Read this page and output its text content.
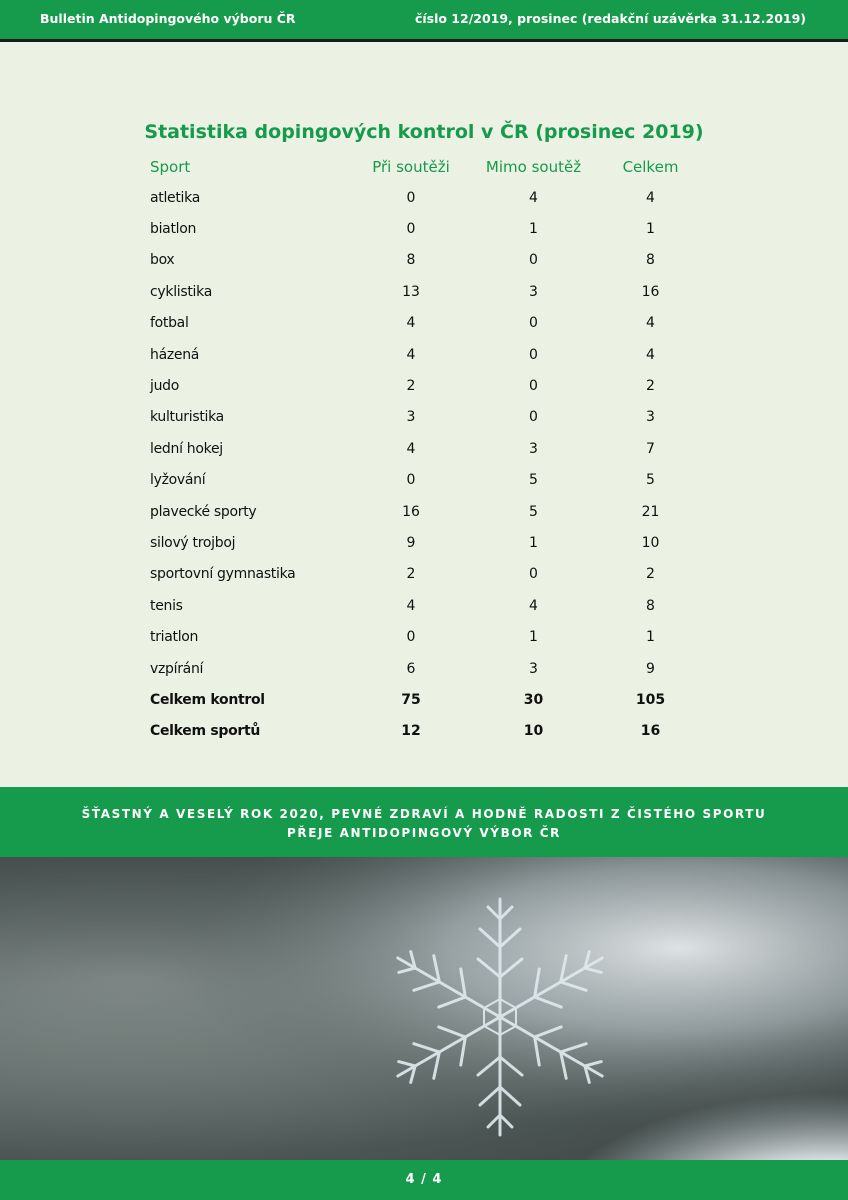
Bulletin Antidopingového výboru ČR	číslo 12/2019, prosinec (redakční uzávěrka 31.12.2019)
Statistika dopingových kontrol v ČR (prosinec 2019)
Sport	Při soutěži	Mimo soutěž	Celkem
atletika	0	4	4
biatlon	0	1	1
box	8	0	8
cyklistika	13	3	16
fotbal	4	0	4
házená	4	0	4
judo	2	0	2
kulturistika	3	0	3
lední hokej	4	3	7
lyžování	0	5	5
plavecké sporty	16	5	21
silový trojboj	9	1	10
sportovní gymnastika	2	0	2
tenis	4	4	8
triatlon	0	1	1
vzpírání	6	3	9
Celkem kontrol	75	30	105
Celkem sportů	12	10	16
ŠŤASTNÝ A VESELÝ ROK 2020, PEVNÉ ZDRAVÍ A HODNĚ RADOSTI Z ČISTÉHO SPORTU
PŘEJE ANTIDOPINGOVÝ VÝBOR ČR
4 / 4
